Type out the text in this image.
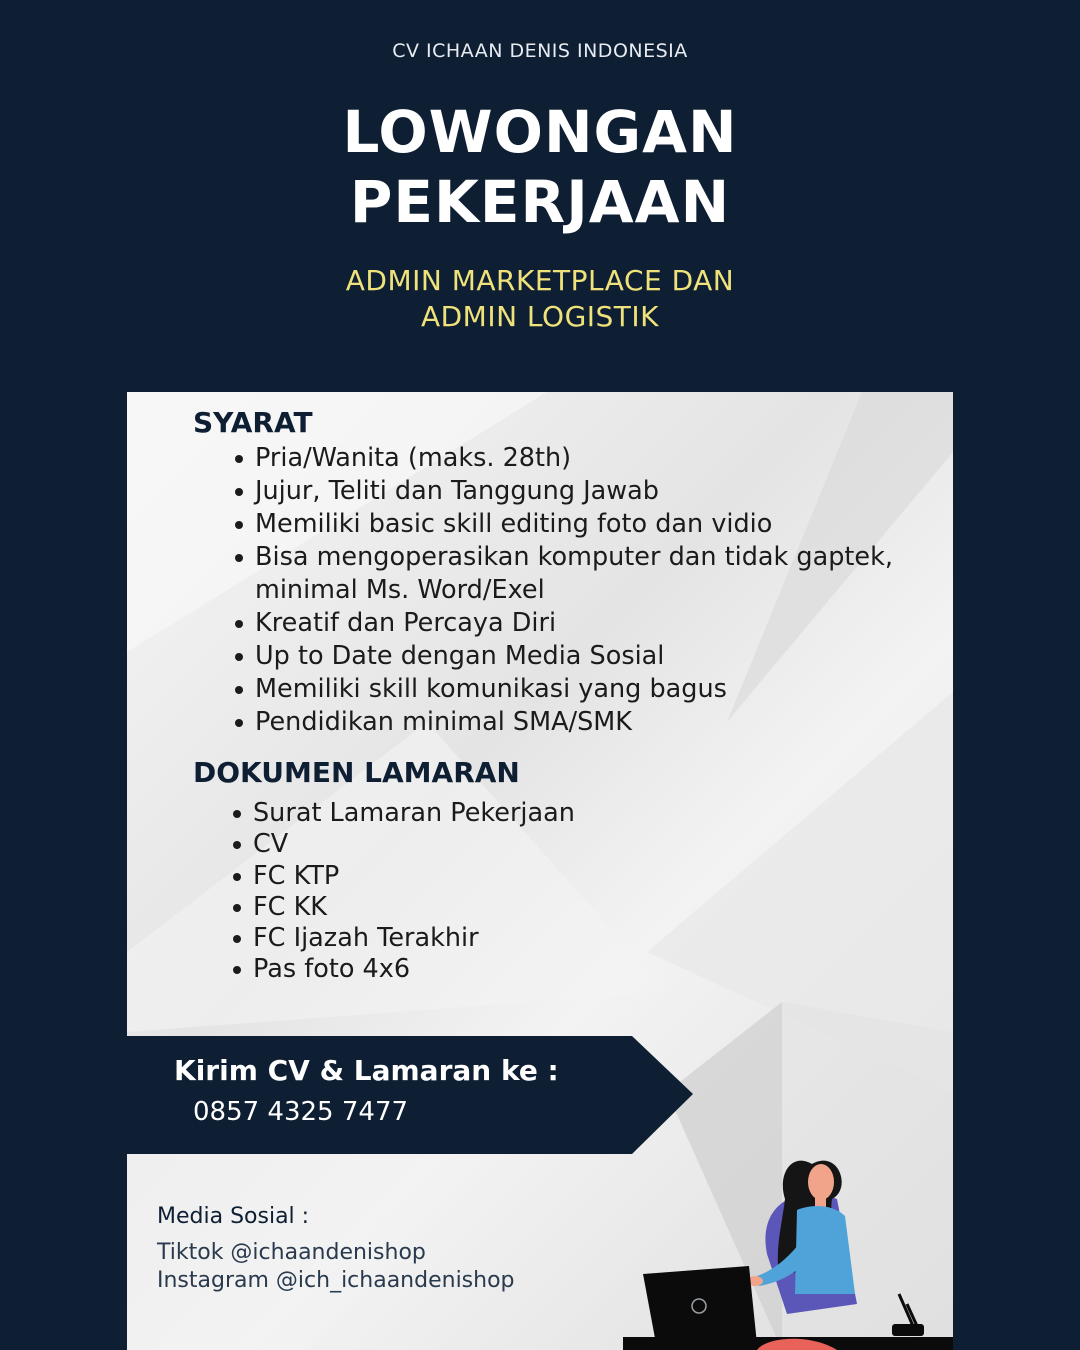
CV ICHAAN DENIS INDONESIA
LOWONGAN
PEKERJAAN
ADMIN MARKETPLACE DAN
ADMIN LOGISTIK
SYARAT
Pria/Wanita (maks. 28th)
Jujur, Teliti dan Tanggung Jawab
Memiliki basic skill editing foto dan vidio
Bisa mengoperasikan komputer dan tidak gaptek, minimal Ms. Word/Exel
Kreatif dan Percaya Diri
Up to Date dengan Media Sosial
Memiliki skill komunikasi yang bagus
Pendidikan minimal SMA/SMK
DOKUMEN LAMARAN
Surat Lamaran Pekerjaan
CV
FC KTP
FC KK
FC Ijazah Terakhir
Pas foto 4x6
Kirim CV & Lamaran ke :
0857 4325 7477
Media Sosial :
Tiktok @ichaandenishop
Instagram @ich_ichaandenishop
